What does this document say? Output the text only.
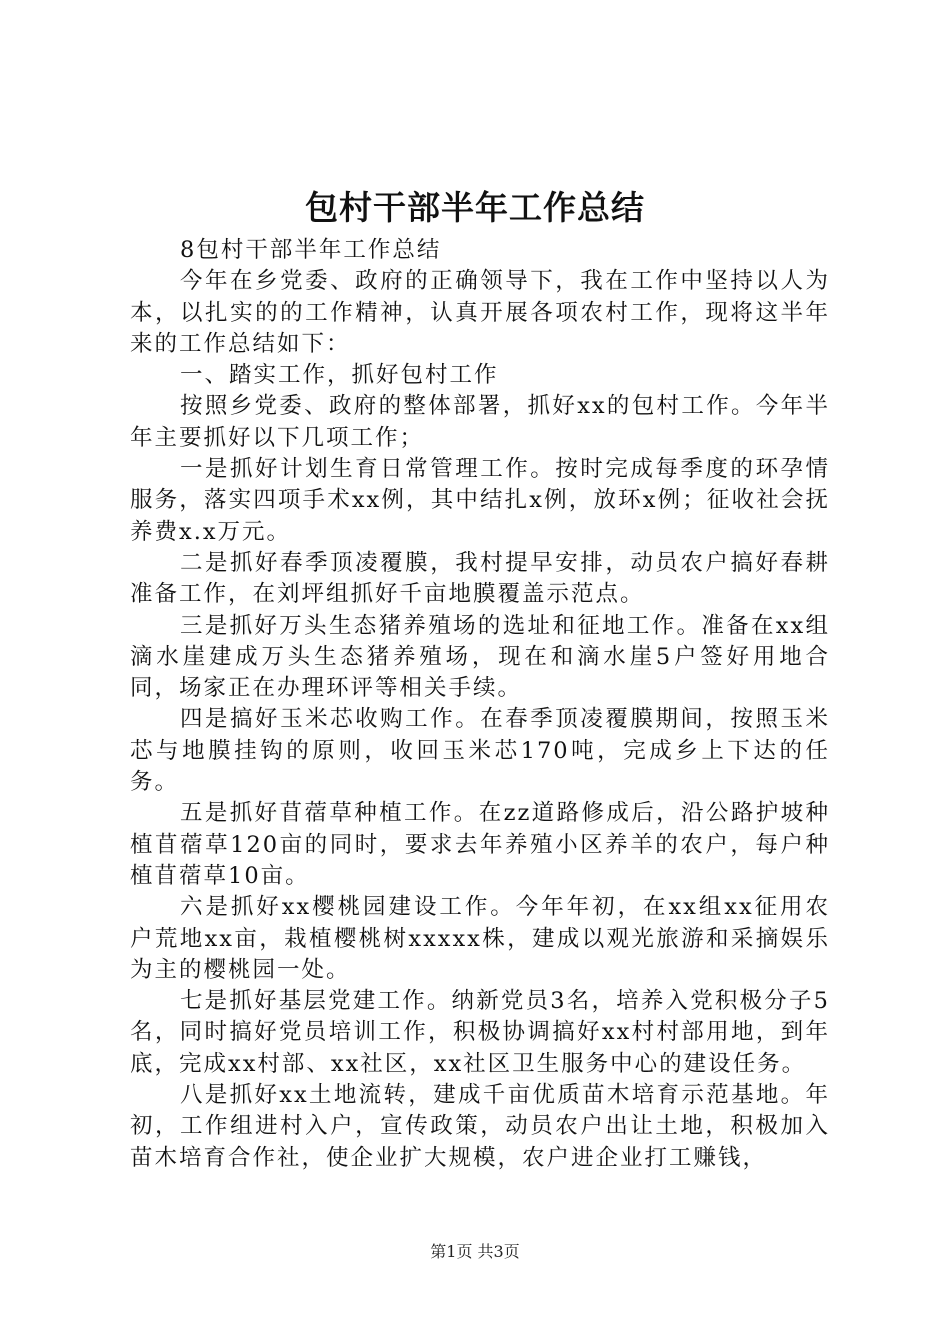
包村干部半年工作总结

8包村干部半年工作总结

今年在乡党委、政府的正确领导下，我在工作中坚持以人为本，以扎实的的工作精神，认真开展各项农村工作，现将这半年来的工作总结如下：

一、踏实工作，抓好包村工作

按照乡党委、政府的整体部署，抓好xx的包村工作。今年半年主要抓好以下几项工作；

一是抓好计划生育日常管理工作。按时完成每季度的环孕情服务，落实四项手术xx例，其中结扎x例，放环x例；征收社会抚养费x.x万元。

二是抓好春季顶凌覆膜，我村提早安排，动员农户搞好春耕准备工作，在刘坪组抓好千亩地膜覆盖示范点。

三是抓好万头生态猪养殖场的选址和征地工作。准备在xx组滴水崖建成万头生态猪养殖场，现在和滴水崖5户签好用地合同，场家正在办理环评等相关手续。

四是搞好玉米芯收购工作。在春季顶凌覆膜期间，按照玉米芯与地膜挂钩的原则，收回玉米芯170吨，完成乡上下达的任务。

五是抓好苜蓿草种植工作。在zz道路修成后，沿公路护坡种植苜蓿草120亩的同时，要求去年养殖小区养羊的农户，每户种植苜蓿草10亩。

六是抓好xx樱桃园建设工作。今年年初，在xx组xx征用农户荒地xx亩，栽植樱桃树xxxxx株，建成以观光旅游和采摘娱乐为主的樱桃园一处。

七是抓好基层党建工作。纳新党员3名，培养入党积极分子5名，同时搞好党员培训工作，积极协调搞好xx村村部用地，到年底，完成xx村部、xx社区，xx社区卫生服务中心的建设任务。

八是抓好xx土地流转，建成千亩优质苗木培育示范基地。年初，工作组进村入户，宣传政策，动员农户出让土地，积极加入苗木培育合作社，使企业扩大规模，农户进企业打工赚钱，

第1页 共3页
